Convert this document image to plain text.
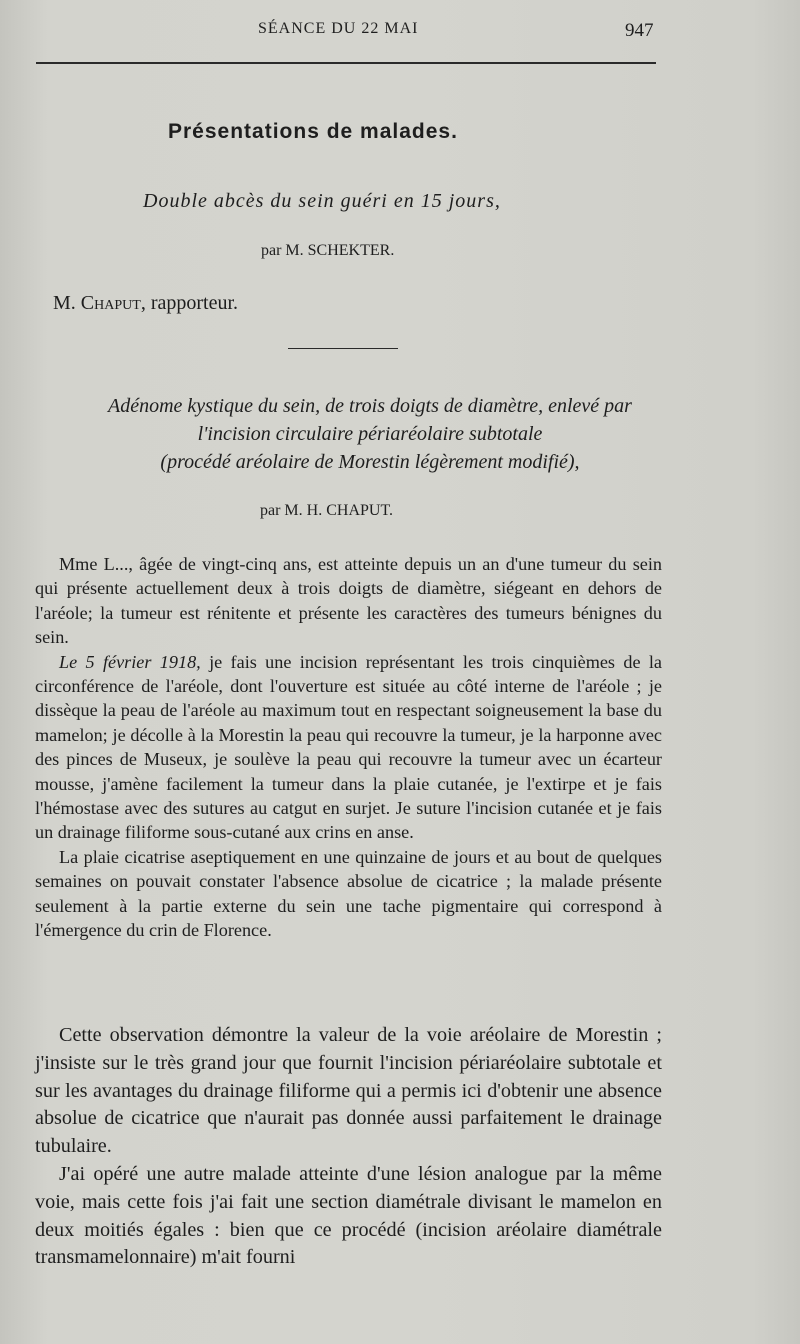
SÉANCE DU 22 MAI	947
Présentations de malades.
Double abcès du sein guéri en 15 jours,
par M. SCHEKTER.
M. Chaput, rapporteur.
Adénome kystique du sein, de trois doigts de diamètre, enlevé par
l'incision circulaire périaréolaire subtotale
(procédé aréolaire de Morestin légèrement modifié),
par M. H. CHAPUT.

Mme L..., âgée de vingt-cinq ans, est atteinte depuis un an d'une tumeur du sein qui présente actuellement deux à trois doigts de diamètre, siégeant en dehors de l'aréole; la tumeur est rénitente et présente les caractères des tumeurs bénignes du sein.

Le 5 février 1918, je fais une incision représentant les trois cinquièmes de la circonférence de l'aréole, dont l'ouverture est située au côté interne de l'aréole ; je dissèque la peau de l'aréole au maximum tout en respectant soigneusement la base du mamelon; je décolle à la Morestin la peau qui recouvre la tumeur, je la harponne avec des pinces de Museux, je soulève la peau qui recouvre la tumeur avec un écarteur mousse, j'amène facilement la tumeur dans la plaie cutanée, je l'extirpe et je fais l'hémostase avec des sutures au catgut en surjet. Je suture l'incision cutanée et je fais un drainage filiforme sous-cutané aux crins en anse.

La plaie cicatrise aseptiquement en une quinzaine de jours et au bout de quelques semaines on pouvait constater l'absence absolue de cicatrice ; la malade présente seulement à la partie externe du sein une tache pigmentaire qui correspond à l'émergence du crin de Florence.

Cette observation démontre la valeur de la voie aréolaire de Morestin ; j'insiste sur le très grand jour que fournit l'incision périaréolaire subtotale et sur les avantages du drainage filiforme qui a permis ici d'obtenir une absence absolue de cicatrice que n'aurait pas donnée aussi parfaitement le drainage tubulaire.

J'ai opéré une autre malade atteinte d'une lésion analogue par la même voie, mais cette fois j'ai fait une section diamétrale divisant le mamelon en deux moitiés égales : bien que ce procédé (incision aréolaire diamétrale transmamelonnaire) m'ait fourni
